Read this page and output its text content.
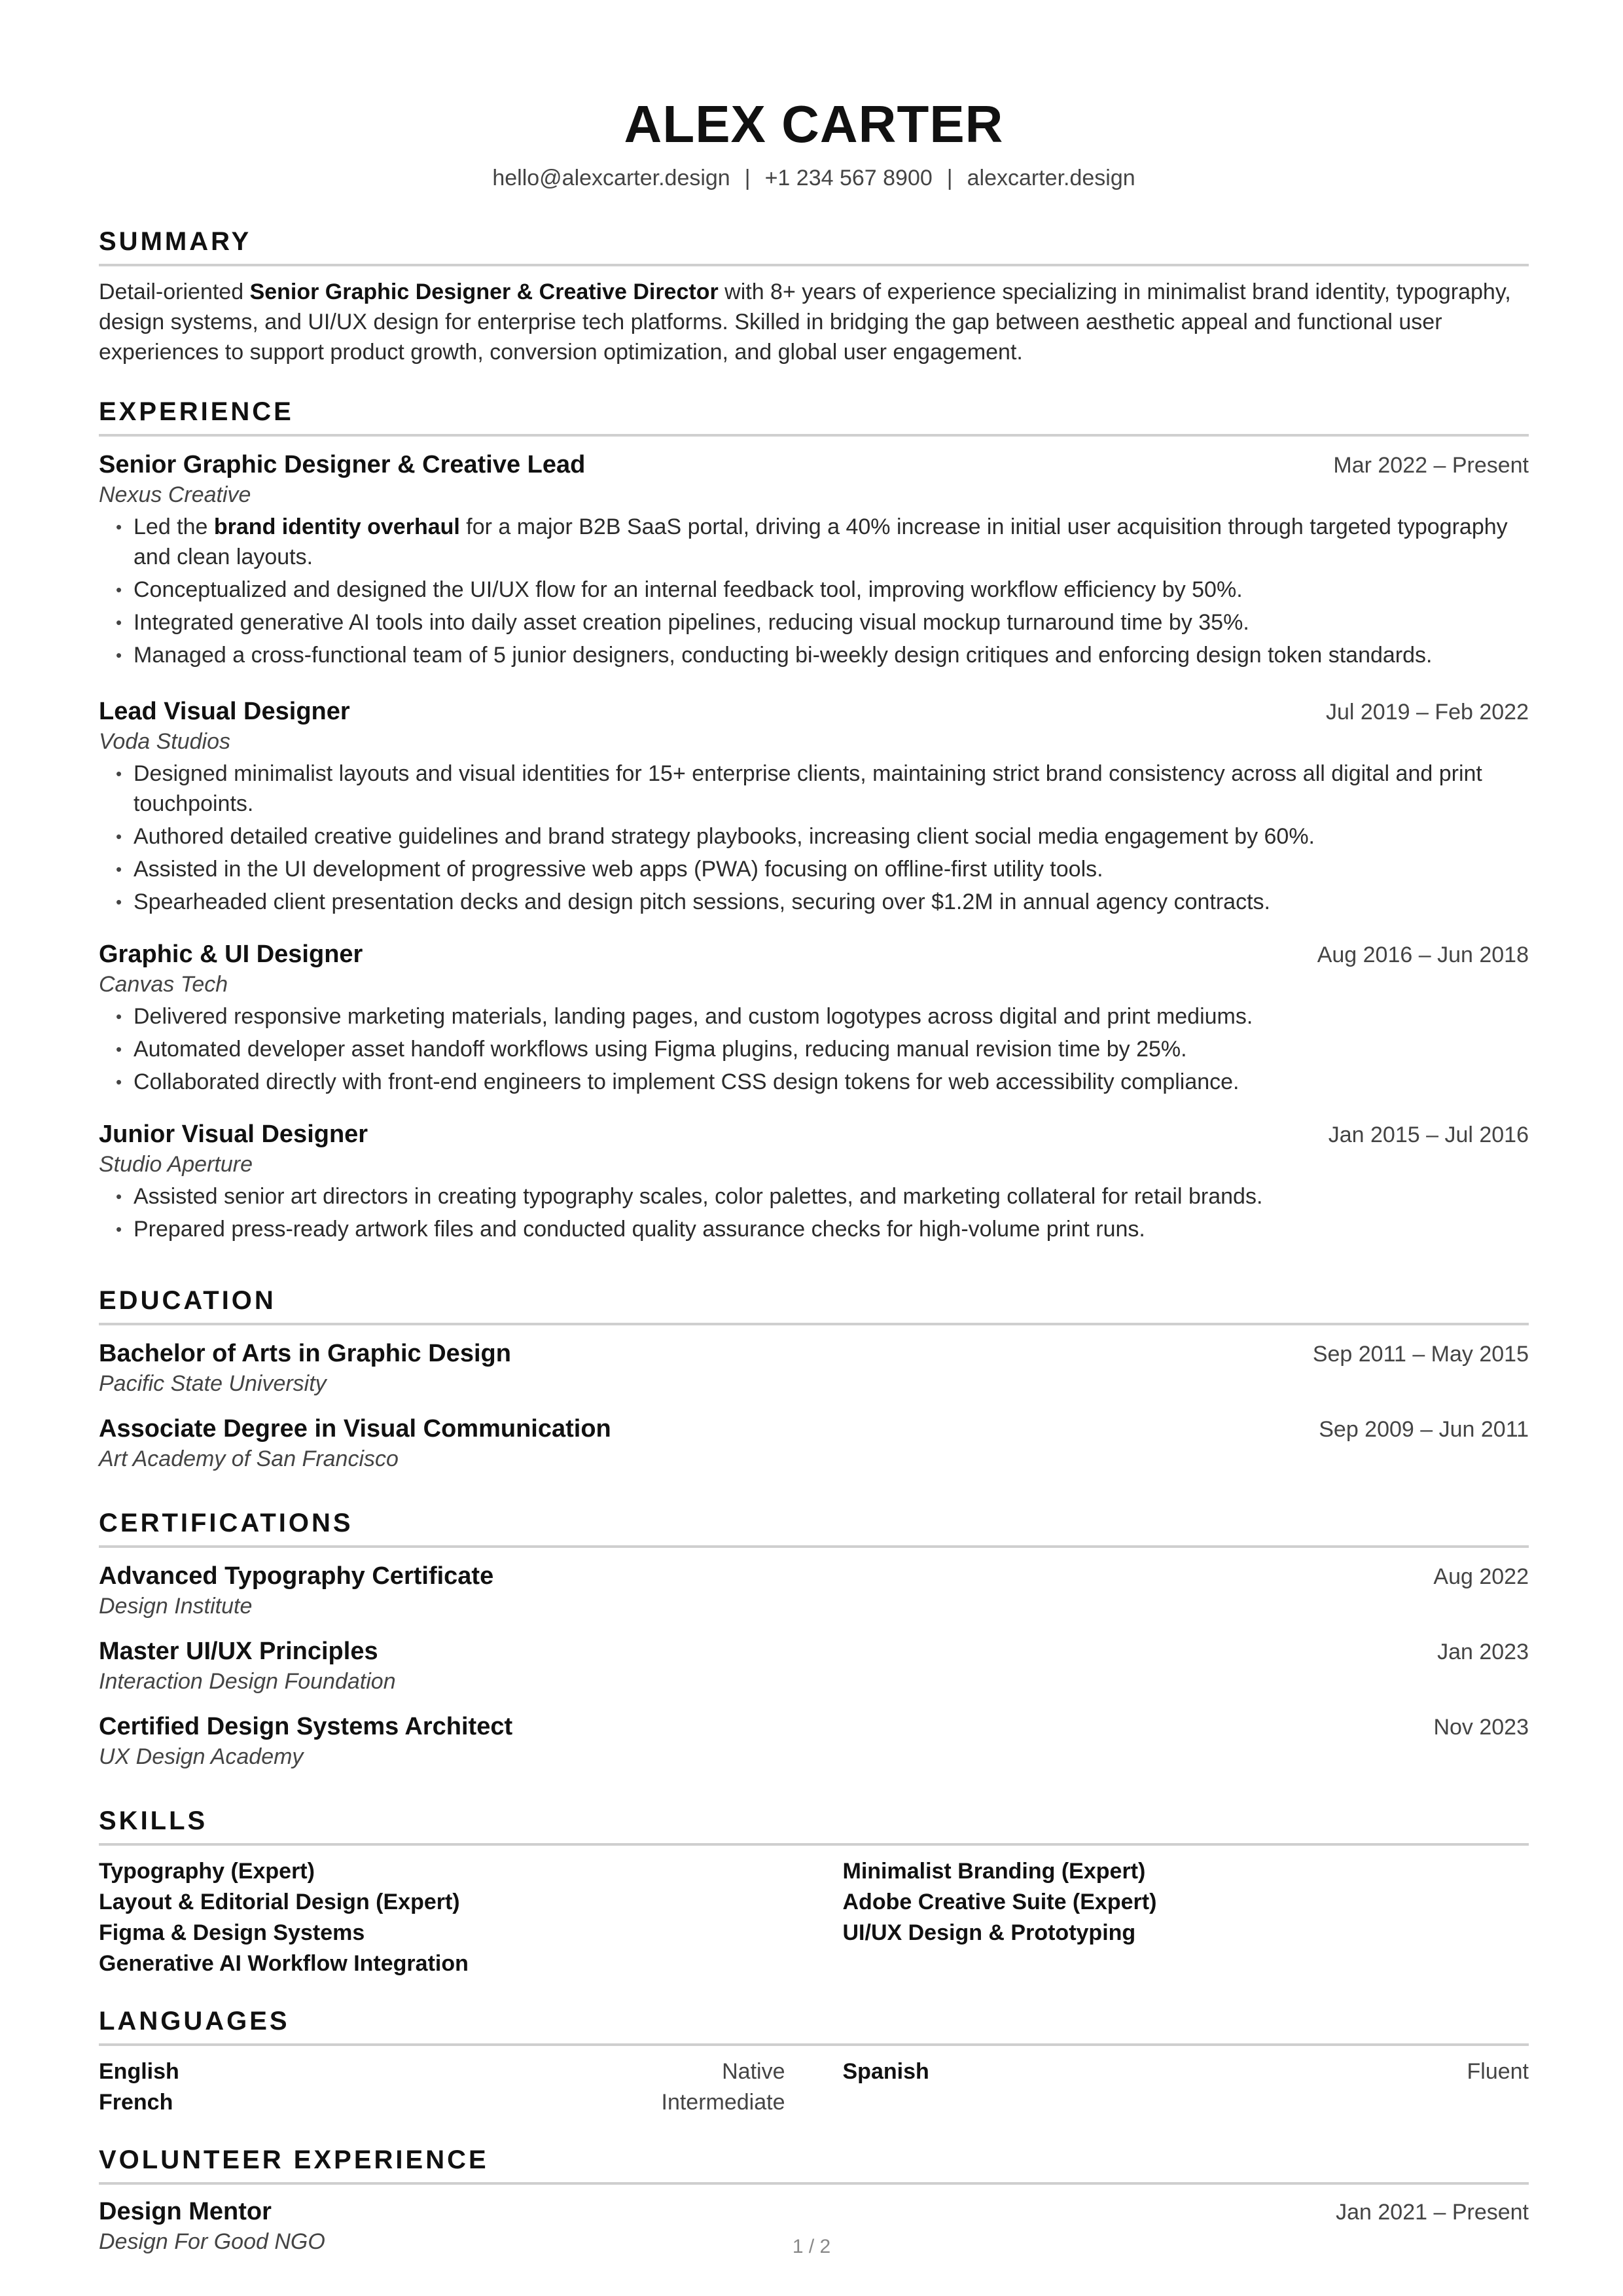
ALEX CARTER
hello@alexcarter.design | +1 234 567 8900 | alexcarter.design
SUMMARY

Detail-oriented Senior Graphic Designer & Creative Director with 8+ years of experience specializing in minimalist brand identity, typography, design systems, and UI/UX design for enterprise tech platforms. Skilled in bridging the gap between aesthetic appeal and functional user experiences to support product growth, conversion optimization, and global user engagement.

EXPERIENCE
Senior Graphic Designer & Creative Lead	Mar 2022 – Present
Nexus Creative
• Led the brand identity overhaul for a major B2B SaaS portal, driving a 40% increase in initial user acquisition through targeted typography and clean layouts.
• Conceptualized and designed the UI/UX flow for an internal feedback tool, improving workflow efficiency by 50%.
• Integrated generative AI tools into daily asset creation pipelines, reducing visual mockup turnaround time by 35%.
• Managed a cross-functional team of 5 junior designers, conducting bi-weekly design critiques and enforcing design token standards.
Lead Visual Designer	Jul 2019 – Feb 2022
Voda Studios
• Designed minimalist layouts and visual identities for 15+ enterprise clients, maintaining strict brand consistency across all digital and print touchpoints.
• Authored detailed creative guidelines and brand strategy playbooks, increasing client social media engagement by 60%.
• Assisted in the UI development of progressive web apps (PWA) focusing on offline-first utility tools.
• Spearheaded client presentation decks and design pitch sessions, securing over $1.2M in annual agency contracts.
Graphic & UI Designer	Aug 2016 – Jun 2018
Canvas Tech
• Delivered responsive marketing materials, landing pages, and custom logotypes across digital and print mediums.
• Automated developer asset handoff workflows using Figma plugins, reducing manual revision time by 25%.
• Collaborated directly with front-end engineers to implement CSS design tokens for web accessibility compliance.
Junior Visual Designer	Jan 2015 – Jul 2016
Studio Aperture
• Assisted senior art directors in creating typography scales, color palettes, and marketing collateral for retail brands.
• Prepared press-ready artwork files and conducted quality assurance checks for high-volume print runs.
EDUCATION
Bachelor of Arts in Graphic Design	Sep 2011 – May 2015
Pacific State University
Associate Degree in Visual Communication	Sep 2009 – Jun 2011
Art Academy of San Francisco
CERTIFICATIONS
Advanced Typography Certificate	Aug 2022
Design Institute
Master UI/UX Principles	Jan 2023
Interaction Design Foundation
Certified Design Systems Architect	Nov 2023
UX Design Academy
SKILLS
Typography (Expert)
Layout & Editorial Design (Expert)
Figma & Design Systems
Generative AI Workflow Integration
Minimalist Branding (Expert)
Adobe Creative Suite (Expert)
UI/UX Design & Prototyping
LANGUAGES
English	Native
French	Intermediate
Spanish	Fluent
VOLUNTEER EXPERIENCE
Design Mentor	Jan 2021 – Present
Design For Good NGO	1 / 2
